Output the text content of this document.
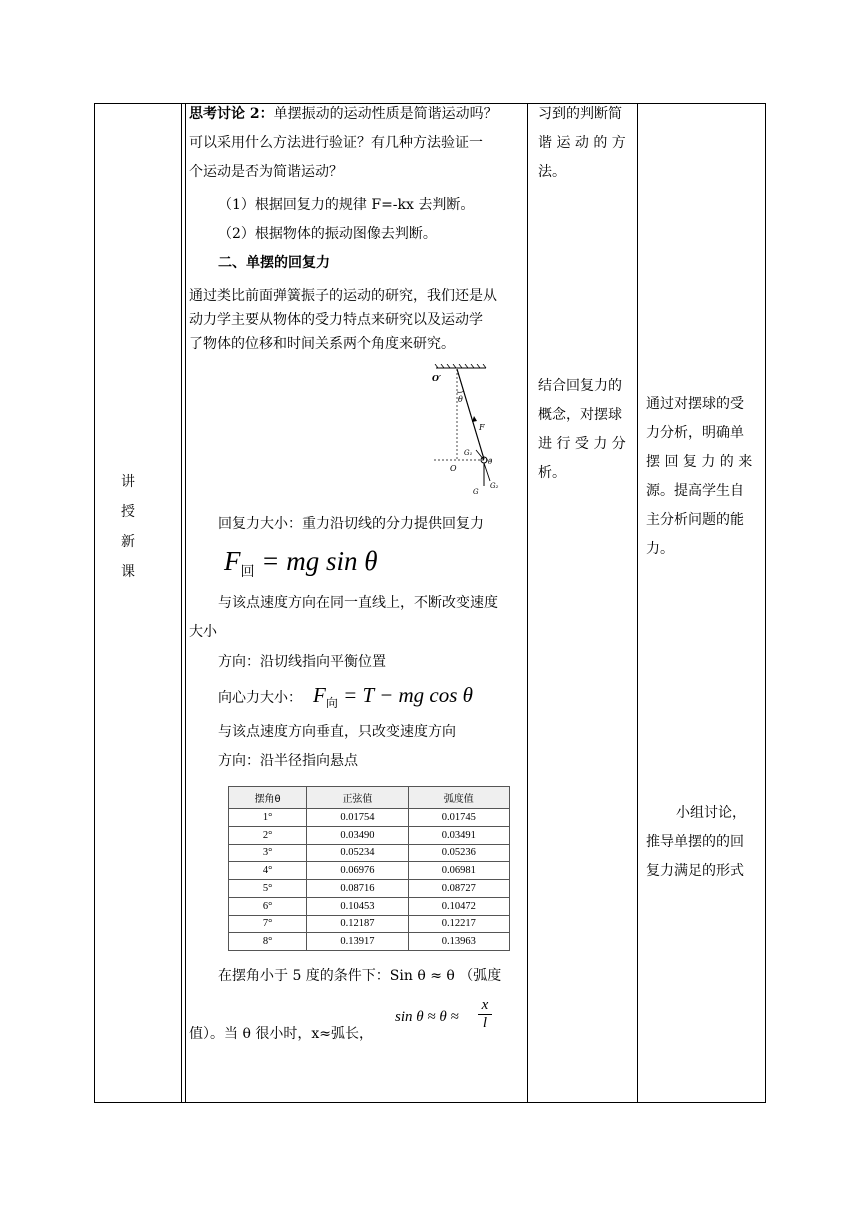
讲
授
新
课
思考讨论 2：单摆振动的运动性质是简谐运动吗？
可以采用什么方法进行验证？有几种方法验证一
个运动是否为简谐运动？
（1）根据回复力的规律 F=-kx 去判断。
（2）根据物体的振动图像去判断。
二、单摆的回复力
通过类比前面弹簧振子的运动的研究，我们还是从
动力学主要从物体的受力特点来研究以及运动学
了物体的位移和时间关系两个角度来研究。
O′
θ
F
G₁
O
θ
G₂
G
回复力大小：重力沿切线的分力提供回复力
$F_回$ = mg sin θ
与该点速度方向在同一直线上，不断改变速度
大小
方向：沿切线指向平衡位置
向心力大小： $F_向 = T$ − mg cos θ
与该点速度方向垂直，只改变速度方向
方向：沿半径指向悬点
摆角θ	正弦值	弧度值
1°	0.01754	0.01745
2°	0.03490	0.03491
3°	0.05234	0.05236
4°	0.06976	0.06981
5°	0.08716	0.08727
6°	0.10453	0.10472
7°	0.12187	0.12217
8°	0.13917	0.13963
在摆角小于 5 度的条件下：Sin θ ≈ θ （弧度
值）。当 θ 很小时，x≈弧长，
$\sin \theta \approx \theta \approx \frac{x}{l}$
习到的判断简
谐 运 动 的 方
法。
结合回复力的
概念，对摆球
进 行 受 力 分
析。
通过对摆球的受
力分析，明确单
摆 回 复 力 的 来
源。提高学生自
主分析问题的能
力。
小组讨论，
推导单摆的的回
复力满足的形式
